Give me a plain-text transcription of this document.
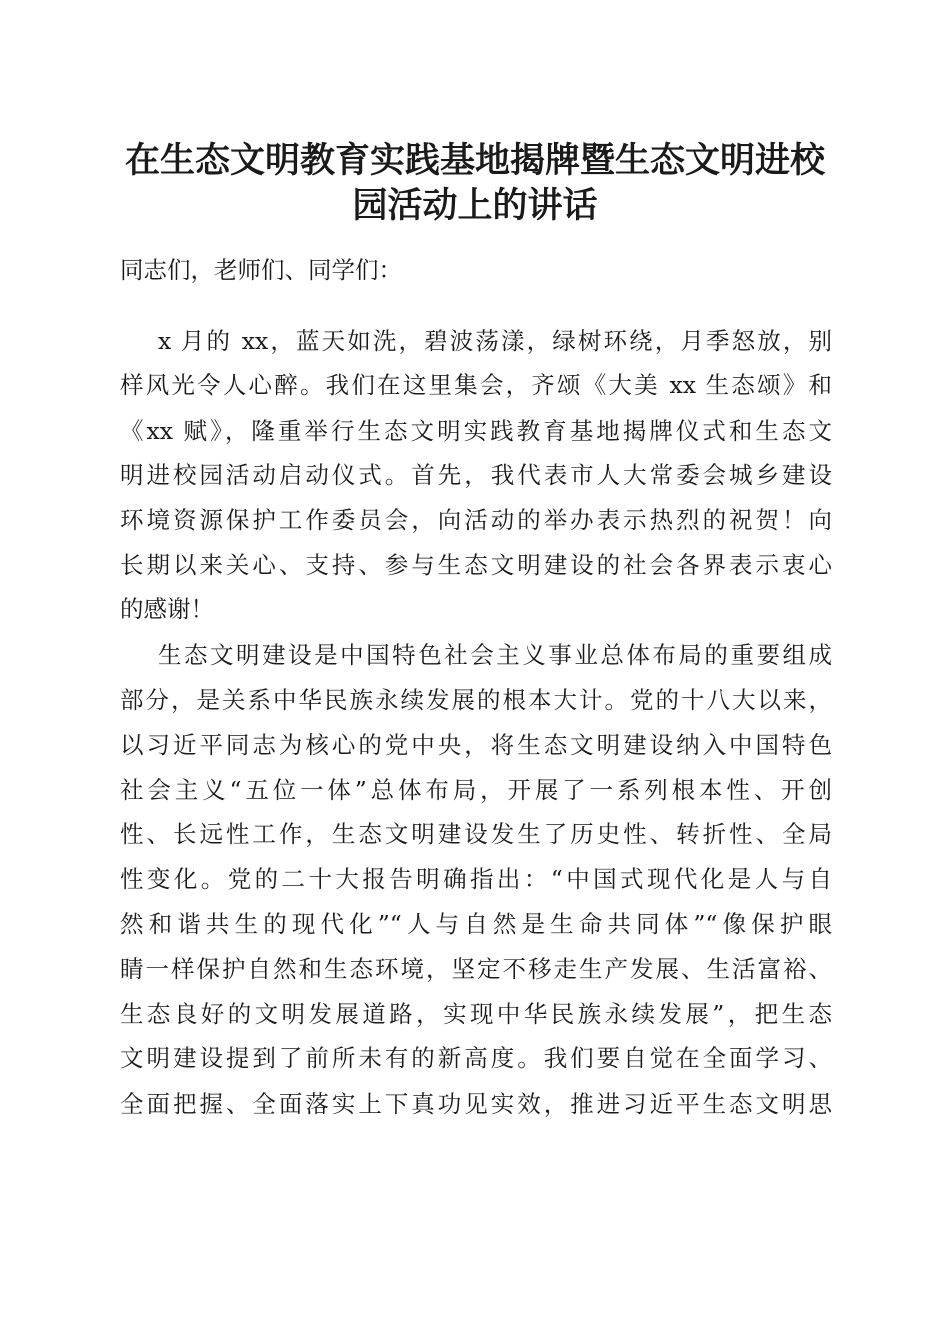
在生态文明教育实践基地揭牌暨生态文明进校
园活动上的讲话
同志们，老师们、同学们：
x 月的 xx，蓝天如洗，碧波荡漾，绿树环绕，月季怒放，别
样风光令人心醉。我们在这里集会，齐颂《大美 xx 生态颂》和
《xx 赋》，隆重举行生态文明实践教育基地揭牌仪式和生态文
明进校园活动启动仪式。首先，我代表市人大常委会城乡建设
环境资源保护工作委员会，向活动的举办表示热烈的祝贺！向
长期以来关心、支持、参与生态文明建设的社会各界表示衷心
的感谢！
生态文明建设是中国特色社会主义事业总体布局的重要组成
部分，是关系中华民族永续发展的根本大计。党的十八大以来，
以习近平同志为核心的党中央，将生态文明建设纳入中国特色
社会主义“五位一体”总体布局，开展了一系列根本性、开创
性、长远性工作，生态文明建设发生了历史性、转折性、全局
性变化。党的二十大报告明确指出：“中国式现代化是人与自
然和谐共生的现代化”“人与自然是生命共同体”“像保护眼
睛一样保护自然和生态环境，坚定不移走生产发展、生活富裕、
生态良好的文明发展道路，实现中华民族永续发展”，把生态
文明建设提到了前所未有的新高度。我们要自觉在全面学习、
全面把握、全面落实上下真功见实效，推进习近平生态文明思
